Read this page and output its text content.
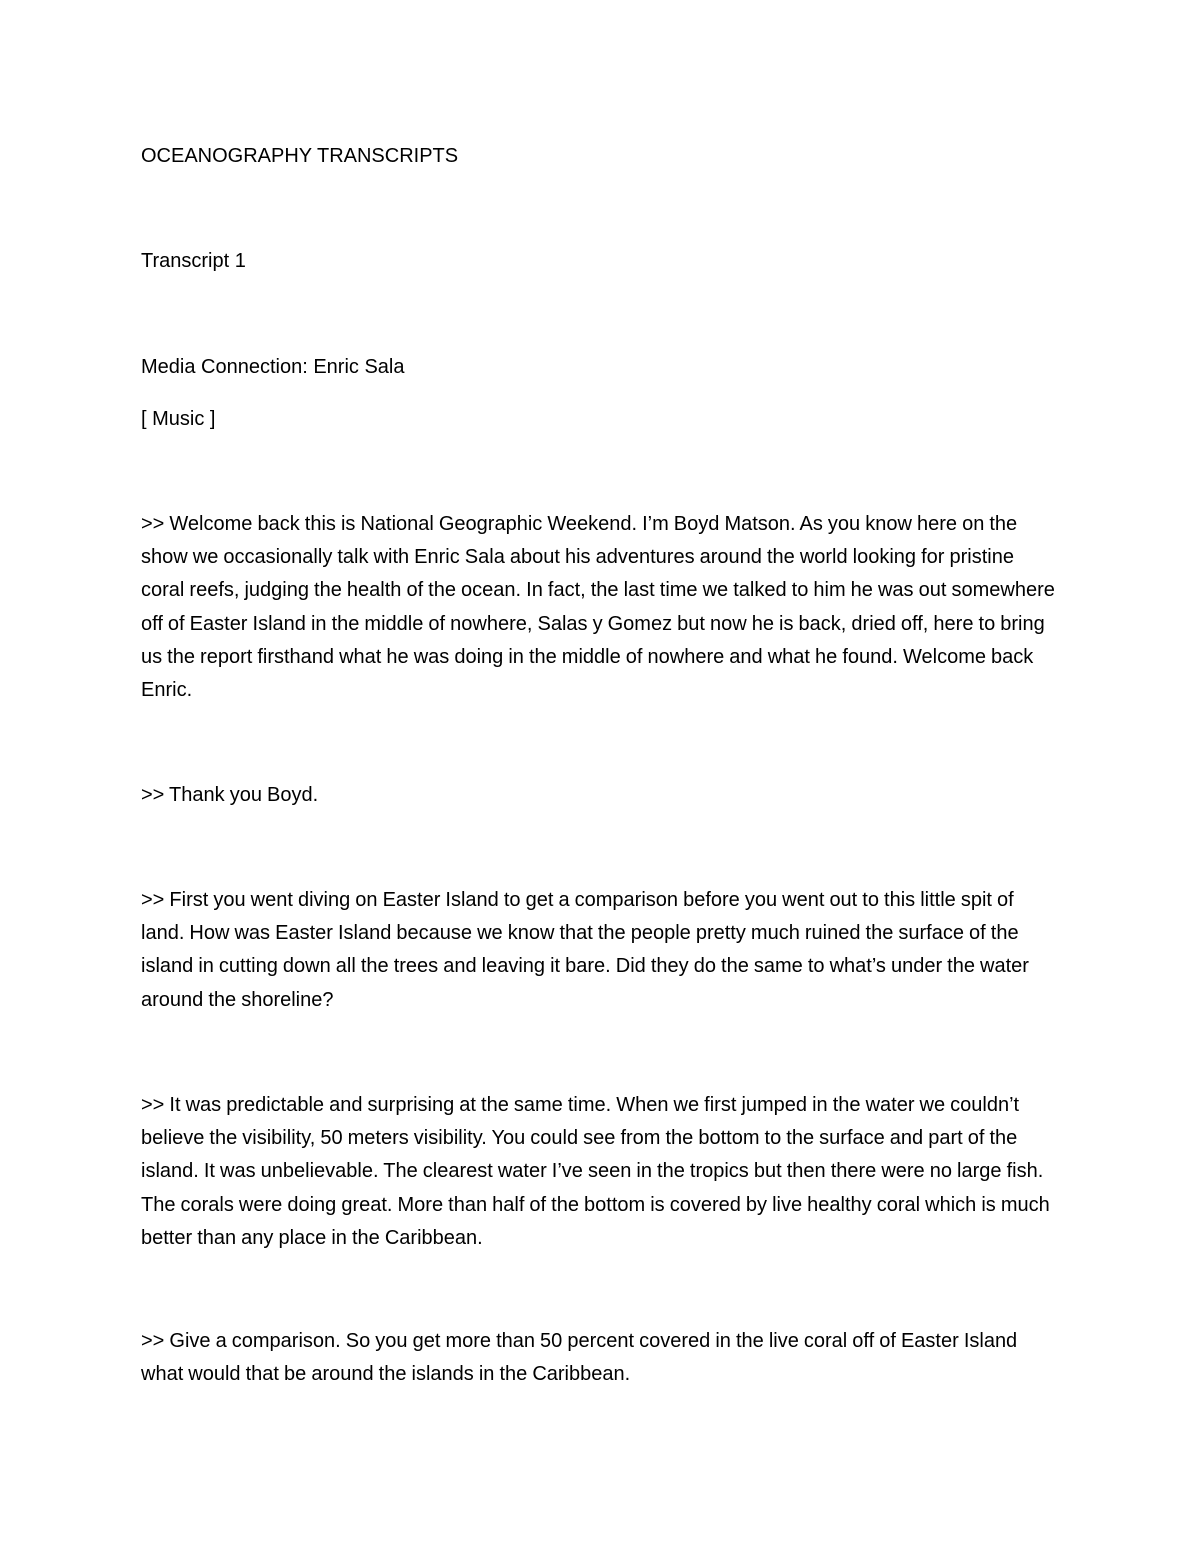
OCEANOGRAPHY TRANSCRIPTS

Transcript 1

Media Connection: Enric Sala

[ Music ]

>> Welcome back this is National Geographic Weekend. I’m Boyd Matson. As you know here on the show we occasionally talk with Enric Sala about his adventures around the world looking for pristine coral reefs, judging the health of the ocean. In fact, the last time we talked to him he was out somewhere off of Easter Island in the middle of nowhere, Salas y Gomez but now he is back, dried off, here to bring us the report firsthand what he was doing in the middle of nowhere and what he found. Welcome back Enric.

>> Thank you Boyd.

>> First you went diving on Easter Island to get a comparison before you went out to this little spit of land. How was Easter Island because we know that the people pretty much ruined the surface of the island in cutting down all the trees and leaving it bare. Did they do the same to what’s under the water around the shoreline?

>> It was predictable and surprising at the same time. When we first jumped in the water we couldn’t believe the visibility, 50 meters visibility. You could see from the bottom to the surface and part of the island. It was unbelievable. The clearest water I’ve seen in the tropics but then there were no large fish. The corals were doing great. More than half of the bottom is covered by live healthy coral which is much better than any place in the Caribbean.

>> Give a comparison. So you get more than 50 percent covered in the live coral off of Easter Island what would that be around the islands in the Caribbean.
